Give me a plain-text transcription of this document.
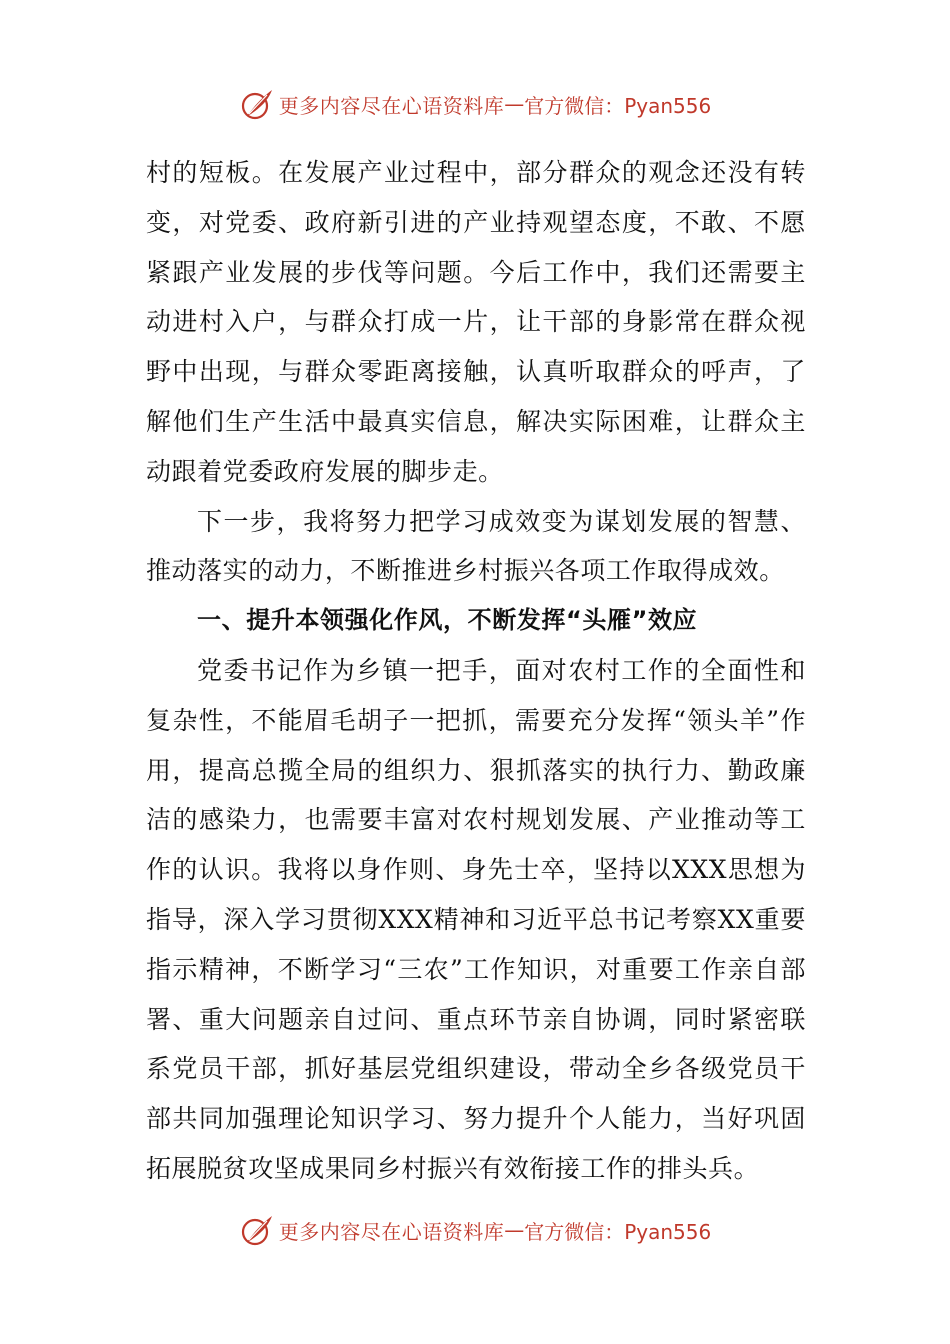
更多内容尽在心语资料库 — 官方微信：Pyan556

村的短板。在发展产业过程中，部分群众的观念还没有转变，对党委、政府新引进的产业持观望态度，不敢、不愿紧跟产业发展的步伐等问题。今后工作中，我们还需要主动进村入户，与群众打成一片，让干部的身影常在群众视野中出现，与群众零距离接触，认真听取群众的呼声，了解他们生产生活中最真实信息，解决实际困难，让群众主动跟着党委政府发展的脚步走。

下一步，我将努力把学习成效变为谋划发展的智慧、推动落实的动力，不断推进乡村振兴各项工作取得成效。

一、提升本领强化作风，不断发挥“头雁”效应

党委书记作为乡镇一把手，面对农村工作的全面性和复杂性，不能眉毛胡子一把抓，需要充分发挥“领头羊”作用，提高总揽全局的组织力、狠抓落实的执行力、勤政廉洁的感染力，也需要丰富对农村规划发展、产业推动等工作的认识。我将以身作则、身先士卒，坚持以XXX思想为指导，深入学习贯彻XXX精神和习近平总书记考察XX重要指示精神，不断学习“三农”工作知识，对重要工作亲自部署、重大问题亲自过问、重点环节亲自协调，同时紧密联系党员干部，抓好基层党组织建设，带动全乡各级党员干部共同加强理论知识学习、努力提升个人能力，当好巩固拓展脱贫攻坚成果同乡村振兴有效衔接工作的排头兵。

更多内容尽在心语资料库 — 官方微信：Pyan556
